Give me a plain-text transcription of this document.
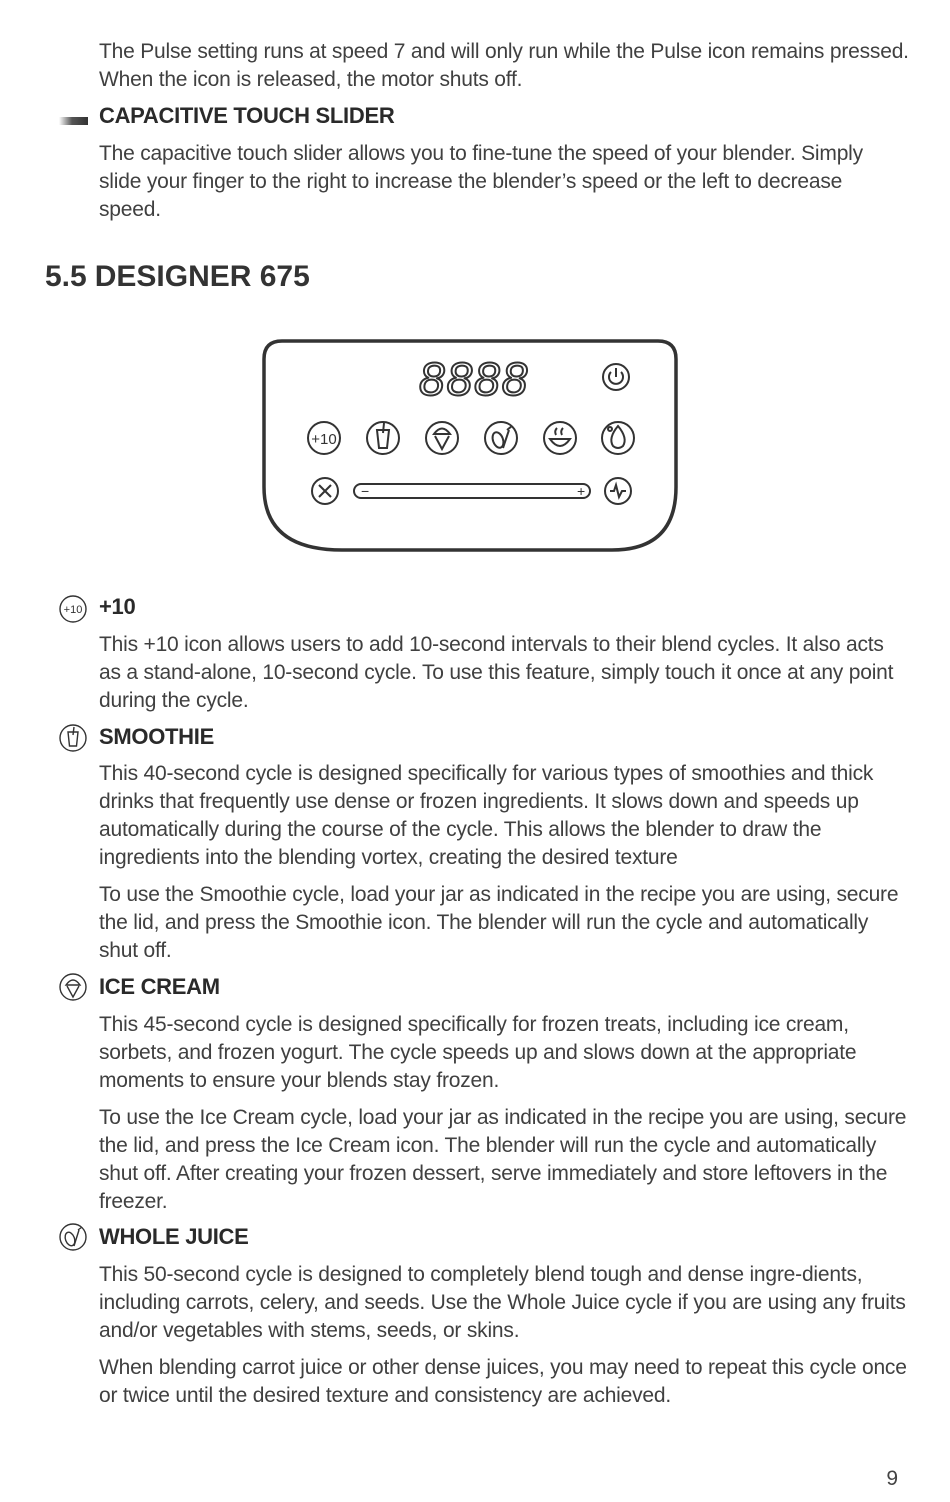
The Pulse setting runs at speed 7 and will only run while the Pulse icon remains pressed. When the icon is released, the motor shuts off.

CAPACITIVE TOUCH SLIDER

The capacitive touch slider allows you to fine-tune the speed of your blender. Simply slide your finger to the right to increase the blender’s speed or the left to decrease speed.

5.5 DESIGNER 675
8888
+10
−	+
+10 +10

This +10 icon allows users to add 10-second intervals to their blend cycles. It also acts as a stand-alone, 10-second cycle. To use this feature, simply touch it once at any point during the cycle.

SMOOTHIE

This 40-second cycle is designed specifically for various types of smoothies and thick drinks that frequently use dense or frozen ingredients. It slows down and speeds up automatically during the course of the cycle. This allows the blender to draw the ingredients into the blending vortex, creating the desired texture

To use the Smoothie cycle, load your jar as indicated in the recipe you are using, secure the lid, and press the Smoothie icon. The blender will run the cycle and automatically shut off.

ICE CREAM

This 45-second cycle is designed specifically for frozen treats, including ice cream, sorbets, and frozen yogurt. The cycle speeds up and slows down at the appropriate moments to ensure your blends stay frozen.

To use the Ice Cream cycle, load your jar as indicated in the recipe you are using, secure the lid, and press the Ice Cream icon. The blender will run the cycle and automatically shut off. After creating your frozen dessert, serve immediately and store leftovers in the freezer.

WHOLE JUICE

This 50-second cycle is designed to completely blend tough and dense ingre-dients, including carrots, celery, and seeds. Use the Whole Juice cycle if you are using any fruits and/or vegetables with stems, seeds, or skins.

When blending carrot juice or other dense juices, you may need to repeat this cycle once or twice until the desired texture and consistency are achieved.

9
